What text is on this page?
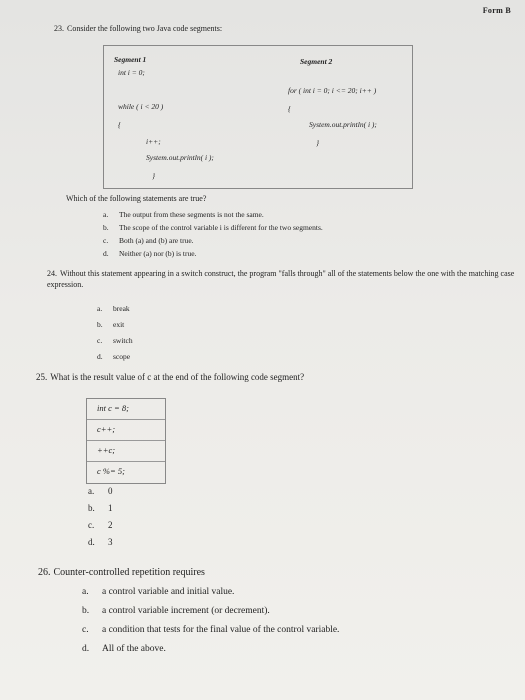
Form B
23. Consider the following two Java code segments:
Segment 1	Segment 2
int i = 0;
while ( i < 20 )
{
i++;
System.out.println( i );
}
for ( int i = 0; i <= 20; i++ )
{
System.out.println( i );
}
Which of the following statements are true?
a. The output from these segments is not the same.
b. The scope of the control variable i is different for the two segments.
c. Both (a) and (b) are true.
d. Neither (a) nor (b) is true.
24. Without this statement appearing in a switch construct, the program "falls through" all of the statements below the one with the matching case expression.
a. break
b. exit
c. switch
d. scope
25. What is the result value of c at the end of the following code segment?
int c = 8;
c++;
++c;
c %= 5;
a. 0
b. 1
c. 2
d. 3
26. Counter-controlled repetition requires
a. a control variable and initial value.
b. a control variable increment (or decrement).
c. a condition that tests for the final value of the control variable.
d. All of the above.
